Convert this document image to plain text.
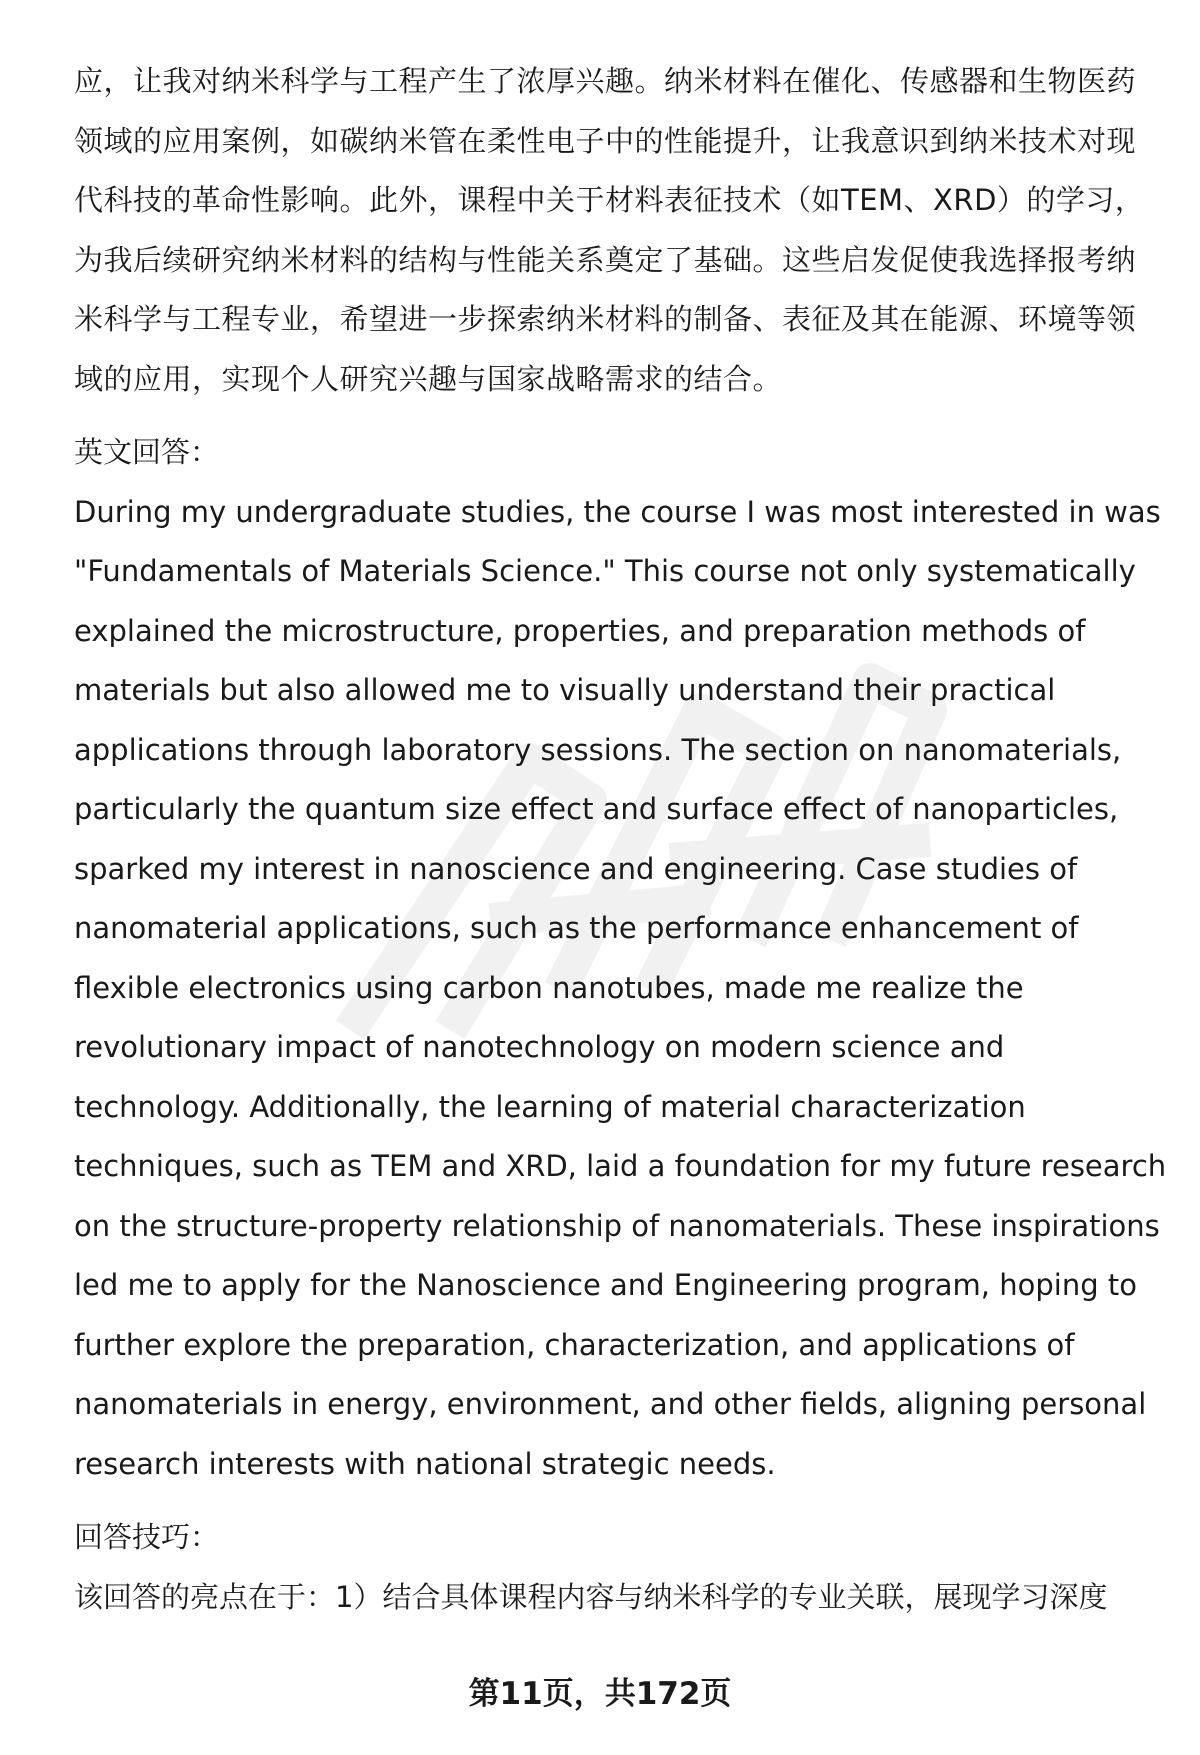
应，让我对纳米科学与工程产生了浓厚兴趣。纳米材料在催化、传感器和生物医药
领域的应用案例，如碳纳米管在柔性电子中的性能提升，让我意识到纳米技术对现
代科技的革命性影响。此外，课程中关于材料表征技术（如TEM、XRD）的学习，
为我后续研究纳米材料的结构与性能关系奠定了基础。这些启发促使我选择报考纳
米科学与工程专业，希望进一步探索纳米材料的制备、表征及其在能源、环境等领
域的应用，实现个人研究兴趣与国家战略需求的结合。

英文回答：

During my undergraduate studies, the course I was most interested in was
"Fundamentals of Materials Science." This course not only systematically
explained the microstructure, properties, and preparation methods of
materials but also allowed me to visually understand their practical
applications through laboratory sessions. The section on nanomaterials,
particularly the quantum size effect and surface effect of nanoparticles,
sparked my interest in nanoscience and engineering. Case studies of
nanomaterial applications, such as the performance enhancement of
flexible electronics using carbon nanotubes, made me realize the
revolutionary impact of nanotechnology on modern science and
technology. Additionally, the learning of material characterization
techniques, such as TEM and XRD, laid a foundation for my future research
on the structure-property relationship of nanomaterials. These inspirations
led me to apply for the Nanoscience and Engineering program, hoping to
further explore the preparation, characterization, and applications of
nanomaterials in energy, environment, and other fields, aligning personal
research interests with national strategic needs.

回答技巧：

该回答的亮点在于：1）结合具体课程内容与纳米科学的专业关联，展现学习深度

第11页，共172页
